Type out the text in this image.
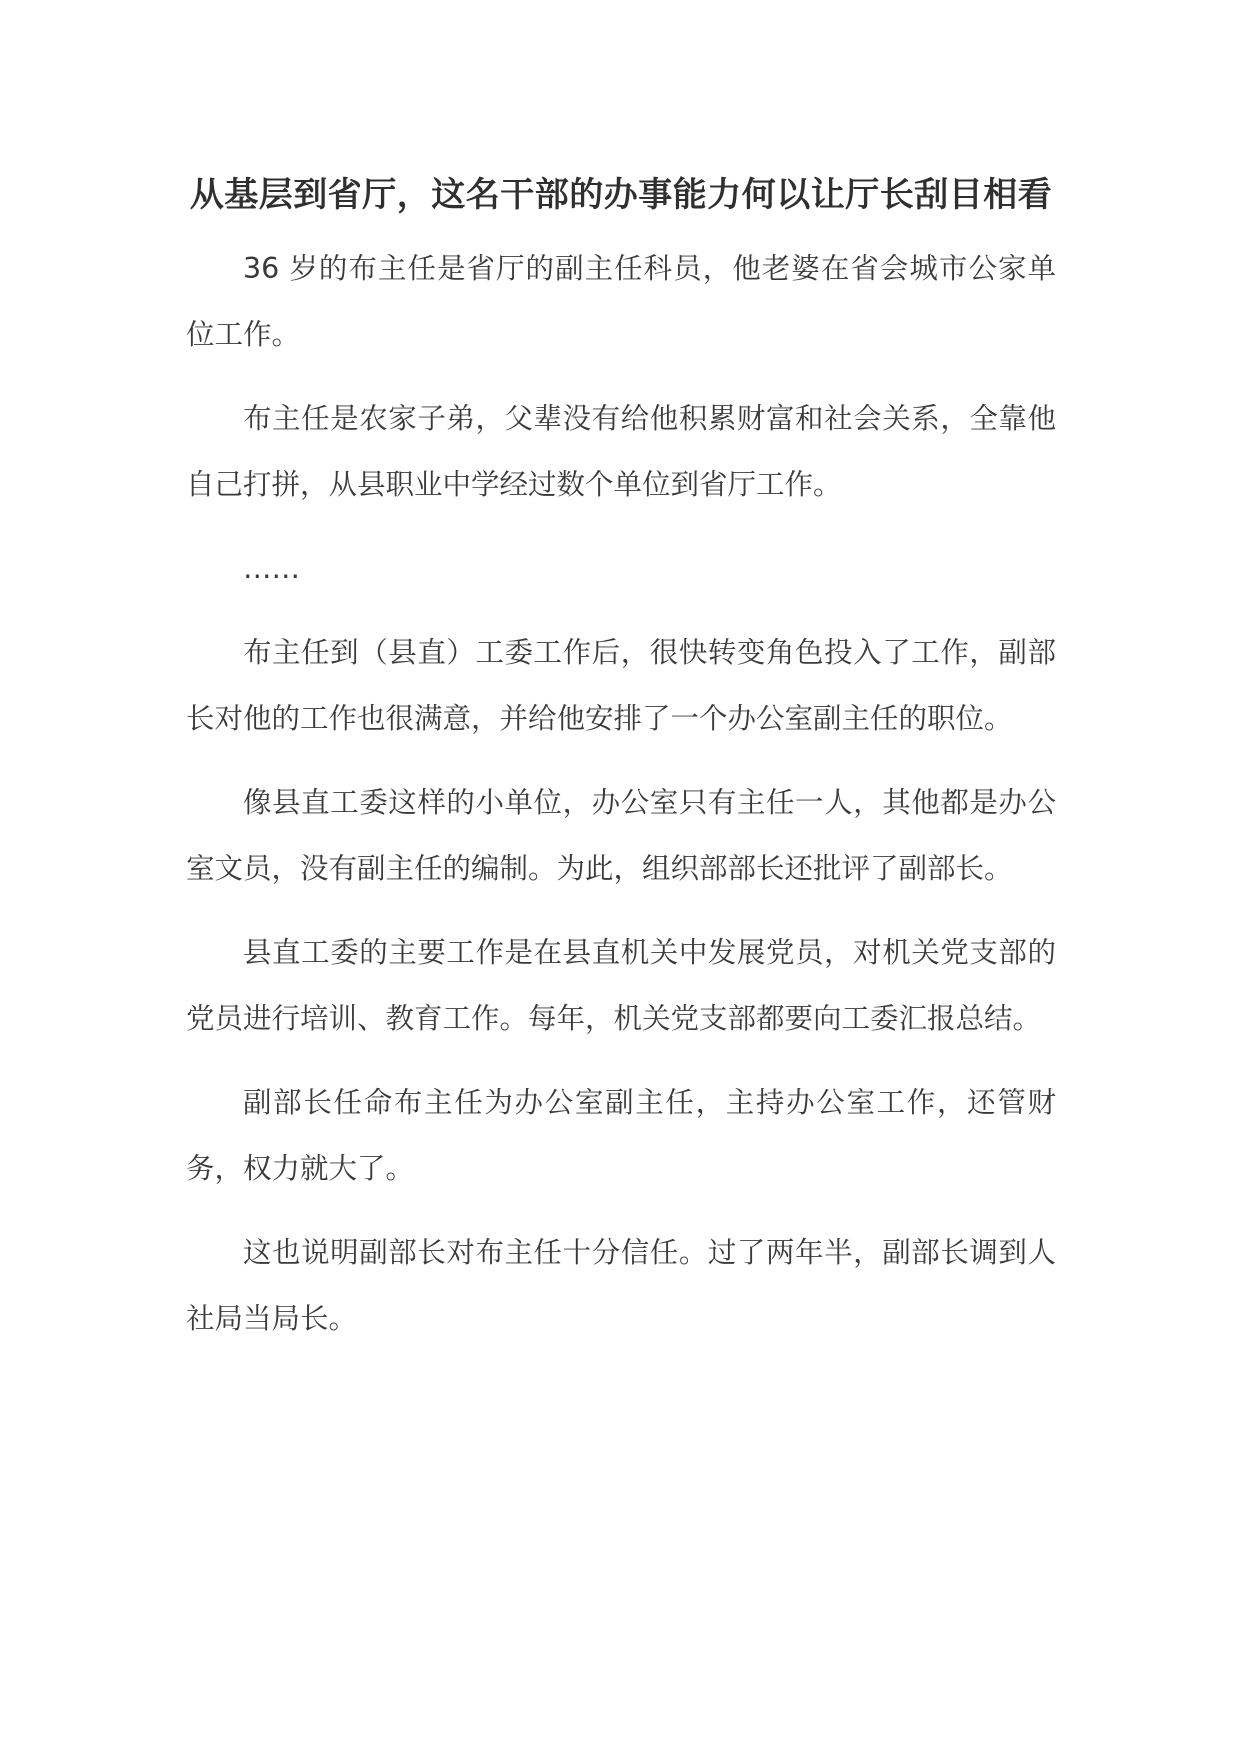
从基层到省厅，这名干部的办事能力何以让厅长刮目相看

36 岁的布主任是省厅的副主任科员，他老婆在省会城市公家单位工作。

布主任是农家子弟，父辈没有给他积累财富和社会关系，全靠他自己打拼，从县职业中学经过数个单位到省厅工作。

……

布主任到（县直）工委工作后，很快转变角色投入了工作，副部长对他的工作也很满意，并给他安排了一个办公室副主任的职位。

像县直工委这样的小单位，办公室只有主任一人，其他都是办公室文员，没有副主任的编制。为此，组织部部长还批评了副部长。

县直工委的主要工作是在县直机关中发展党员，对机关党支部的党员进行培训、教育工作。每年，机关党支部都要向工委汇报总结。

副部长任命布主任为办公室副主任，主持办公室工作，还管财务，权力就大了。

这也说明副部长对布主任十分信任。过了两年半，副部长调到人社局当局长。
